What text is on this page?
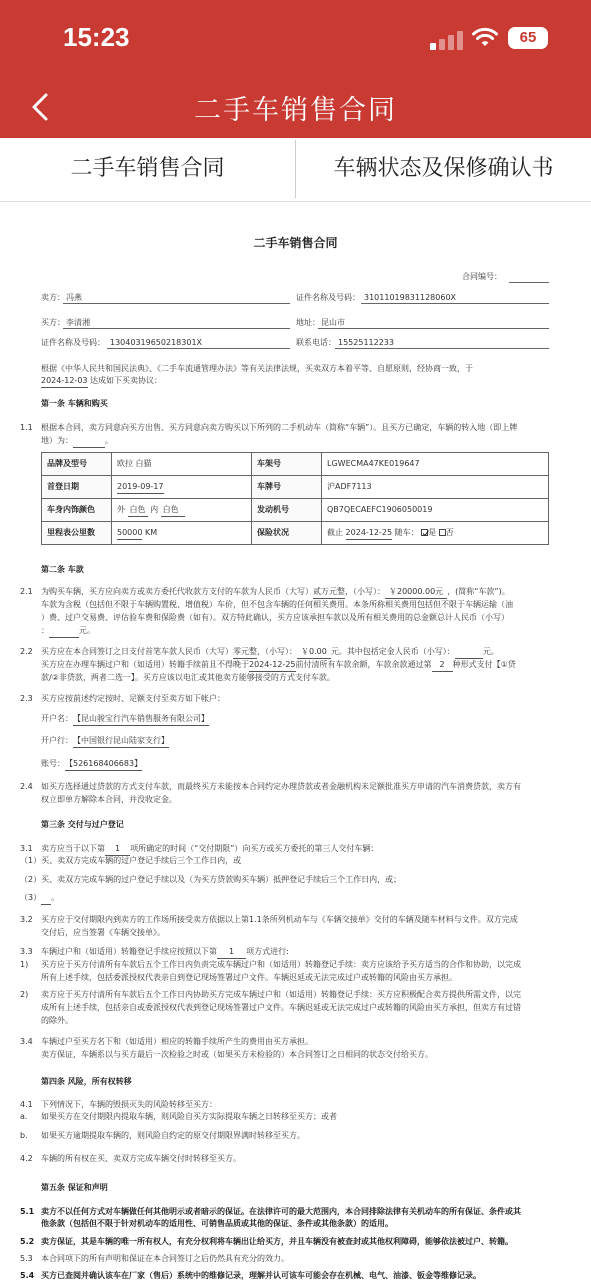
15:23	65
二手车销售合同
二手车销售合同	车辆状态及保修确认书
二手车销售合同
合同编号：
卖方： 冯燕	证件名称及号码： 31011019831128060X
买方： 李清湘	地址： 昆山市
证件名称及号码： 13040319650218301X	联系电话： 15525112233
根据《中华人民共和国民法典》、《二手车流通管理办法》等有关法律法规，买卖双方本着平等、自愿原则，经协商一致，于
2024-12-03 达成如下买卖协议：
第一条 车辆和购买
1.1 根据本合同，卖方同意向买方出售、买方同意向卖方购买以下所列的二手机动车（简称“车辆”）。且买方已确定，车辆的转入地（即上牌
地）为：	。
品牌及型号	欧拉 白猫	车架号	LGWECMA47KE019647
首登日期	2019-09-17	车牌号	沪ADF7113
车身内饰颜色	外 白色 内 白色	发动机号	QB7QECAEFC1906050019
里程表公里数	50000 KM	保险状况	截止 2024-12-25 随车： 是 否
第二条 车款
2.1 为购买车辆，买方应向卖方或卖方委托代收款方支付的车款为人民币（大写）贰万元整，（小写）： ￥20000.00元 ，(简称“车款”)。
车款为含税（包括但不限于车辆购置税、增值税）车价，但不包含车辆的任何相关费用。本条所称相关费用包括但不限于车辆运输（油
）费、过户交易费、评估验车费和保险费（如有）。双方特此确认，买方应该承担车款以及所有相关费用的总金额总计人民币（小写）
：	元。
2.2 买方应在本合同签订之日支付首笔车款人民币（大写）零元整，（小写）： ￥0.00 元。其中包括定金人民币（小写）：	元。
买方应在办理车辆过户和（如适用）转籍手续前且不得晚于2024-12-25前付清所有车款余额，车款余款通过第 2 种形式支付【①贷
款/②非贷款，两者二选一】。买方应该以电汇或其他卖方能够接受的方式支付车款。
2.3 买方应按前述约定按时、足额支付至卖方如下帐户：
开户名：【昆山骏宝行汽车销售服务有限公司】
开户行：【中国银行昆山陆家支行】
账号：【526168406683】
2.4 如买方选择通过贷款的方式支付车款，而最终买方未能按本合同约定办理贷款或者金融机构未足额批准买方申请的汽车消费贷款，卖方有
权立即单方解除本合同，并没收定金。
第三条 交付与过户登记
3.1 卖方应当于以下第 1 项所确定的时间（“交付期限”）向买方或买方委托的第三人交付车辆：
（1）买、卖双方完成车辆的过户登记手续后三个工作日内，或
（2）买、卖双方完成车辆的过户登记手续以及（为买方贷款购买车辆）抵押登记手续后三个工作日内，或；
（3） 。
3.2 买方应于交付期限内到卖方的工作场所接受卖方依据以上第1.1条所列机动车与《车辆交接单》交付的车辆及随车材料与文件。双方完成
交付后，应当签署《车辆交接单》。
3.3 车辆过户和（如适用）转籍登记手续应按照以下第 1 项方式进行:
1) 买方应于买方付清所有车款后五个工作日内负责完成车辆过户和（如适用）转籍登记手续：卖方应该给予买方适当的合作和协助，以完成
所有上述手续，包括委派授权代表亲自到登记现场签署过户文件。车辆迟延或无法完成过户或转籍的风险由买方承担。
2) 卖方应于买方付清所有车款后五个工作日内协助买方完成车辆过户和（如适用）转籍登记手续：买方应积极配合卖方提供所需文件，以完
成所有上述手续，包括亲自或委派授权代表到登记现场签署过户文件。车辆迟延或无法完成过户或转籍的风险由买方承担，但卖方有过错
的除外。
3.4 车辆过户至买方名下和（如适用）相应的转籍手续所产生的费用由买方承担。
卖方保证，车辆系以与买方最后一次检验之时或（如果买方未检验的）本合同签订之日相同的状态交付给买方。
第四条 风险，所有权转移
4.1 下列情况下，车辆的毁损灭失的风险转移至买方：
a. 如果买方在交付期限内提取车辆，则风险自买方实际提取车辆之日转移至买方；或者
b. 如果买方逾期提取车辆的，则风险自约定的原交付期限界满时转移至买方。
4.2 车辆的所有权在买、卖双方完成车辆交付时转移至买方。
第五条 保证和声明
5.1 卖方不以任何方式对车辆做任何其他明示或者暗示的保证。在法律许可的最大范围内，本合同排除法律有关机动车的所有保证、条件或其
他条款（包括但不限于针对机动车的适用性、可销售品质或其他的保证、条件或其他条款）的适用。
5.2 卖方保证，其是车辆的唯一所有权人，有充分权利将车辆出让给买方，并且车辆没有被查封或其他权利障碍，能够依法被过户、转籍。
5.3 本合同项下的所有声明和保证在本合同签订之后仍然具有充分的效力。
5.4 买方已查阅并确认该车在厂家（售后）系统中的维修记录，理解并认可该车可能会存在机械、电气、油漆、钣金等维修记录。
